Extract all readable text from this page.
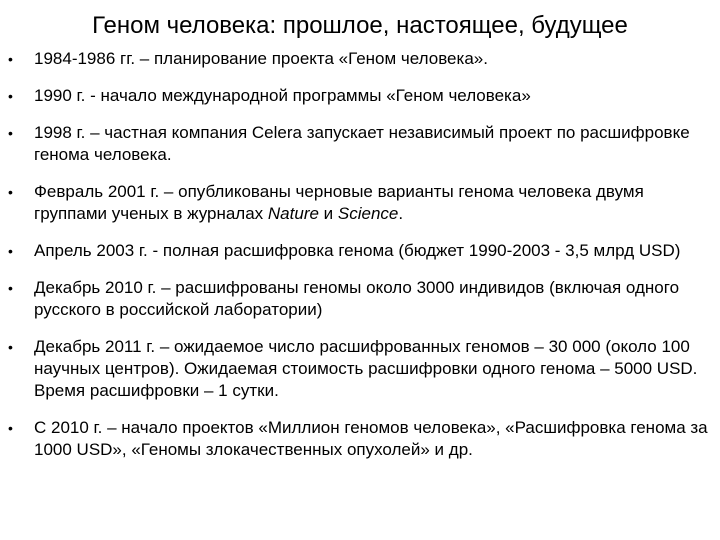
Геном человека: прошлое, настоящее, будущее
• 1984-1986 гг. – планирование проекта «Геном человека».
• 1990 г. - начало международной программы «Геном человека»
• 1998 г. – частная компания Celera запускает независимый проект по расшифровке генома человека.
• Февраль 2001 г. – опубликованы черновые варианты генома человека двумя группами ученых в журналах Nature и Science.
• Апрель 2003 г. - полная расшифровка генома (бюджет 1990-2003 - 3,5 млрд USD)
• Декабрь 2010 г. – расшифрованы геномы около 3000 индивидов (включая одного русского в российской лаборатории)
• Декабрь 2011 г. – ожидаемое число расшифрованных геномов – 30 000 (около 100 научных центров). Ожидаемая стоимость расшифровки одного генома – 5000 USD. Время расшифровки – 1 сутки.
• С 2010 г. – начало проектов «Миллион геномов человека», «Расшифровка генома за 1000 USD», «Геномы злокачественных опухолей» и др.
